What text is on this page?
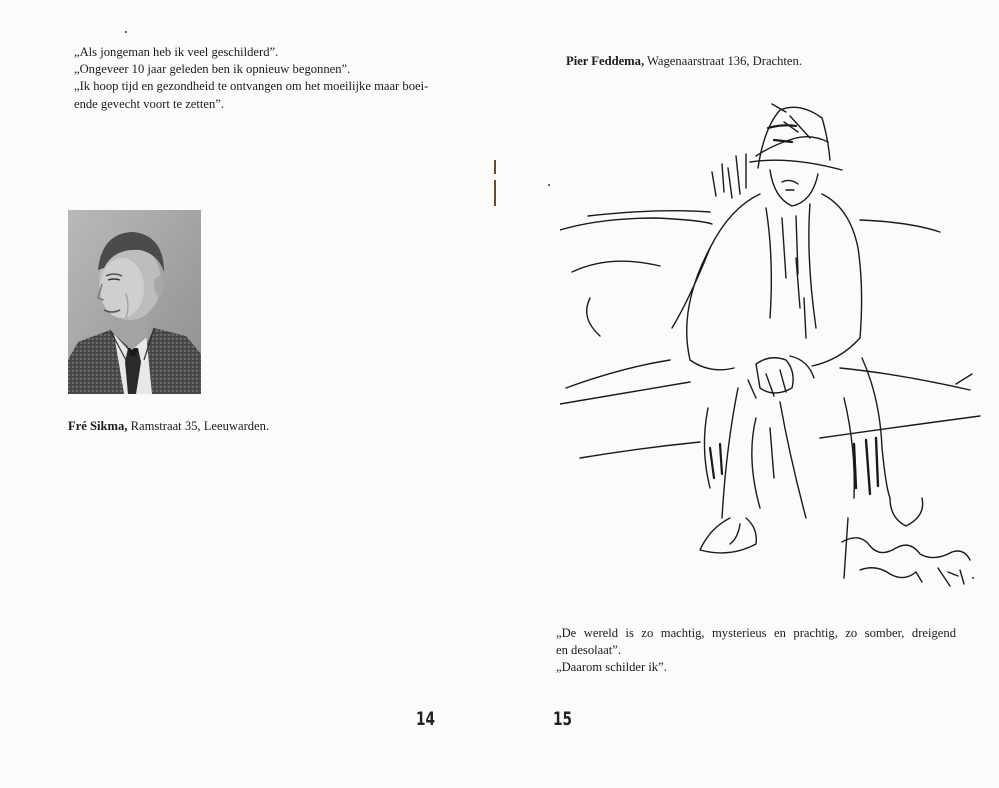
„Als jongeman heb ik veel geschilderd”.
„Ongeveer 10 jaar geleden ben ik opnieuw begonnen”.
„Ik hoop tijd en gezondheid te ontvangen om het moeilijke maar boei-
ende gevecht voort te zetten”.
Fré Sikma, Ramstraat 35, Leeuwarden.
14
Pier Feddema, Wagenaarstraat 136, Drachten.
„De wereld is zo machtig, mysterieus en prachtig, zo somber, dreigend
en desolaat”.
„Daarom schilder ik”.
15
